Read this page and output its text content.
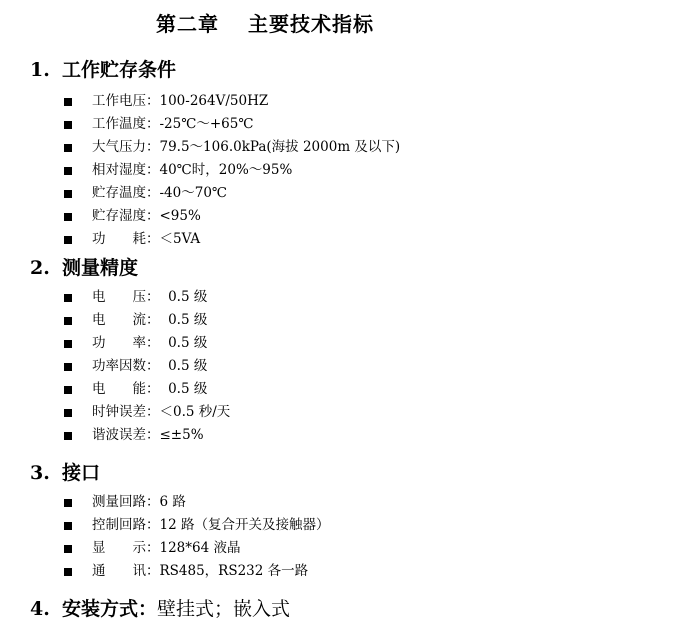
第二章　 主要技术指标
1. 工作贮存条件
工作电压：100-264V/50HZ
工作温度：-25℃～+65℃
大气压力：79.5～106.0kPa(海拔 2000m 及以下)
相对湿度：40℃时，20%～95%
贮存温度：-40～70℃
贮存湿度：<95%
功　　耗：＜5VA
2. 测量精度
电　　压：  0.5 级
电　　流：  0.5 级
功　　率：  0.5 级
功率因数：  0.5 级
电　　能：  0.5 级
时钟误差：＜0.5 秒/天
谐波误差：≤±5%
3. 接口
测量回路：6 路
控制回路：12 路（复合开关及接触器）
显　　示：128*64 液晶
通　　讯：RS485，RS232 各一路
4. 安装方式：壁挂式；嵌入式
